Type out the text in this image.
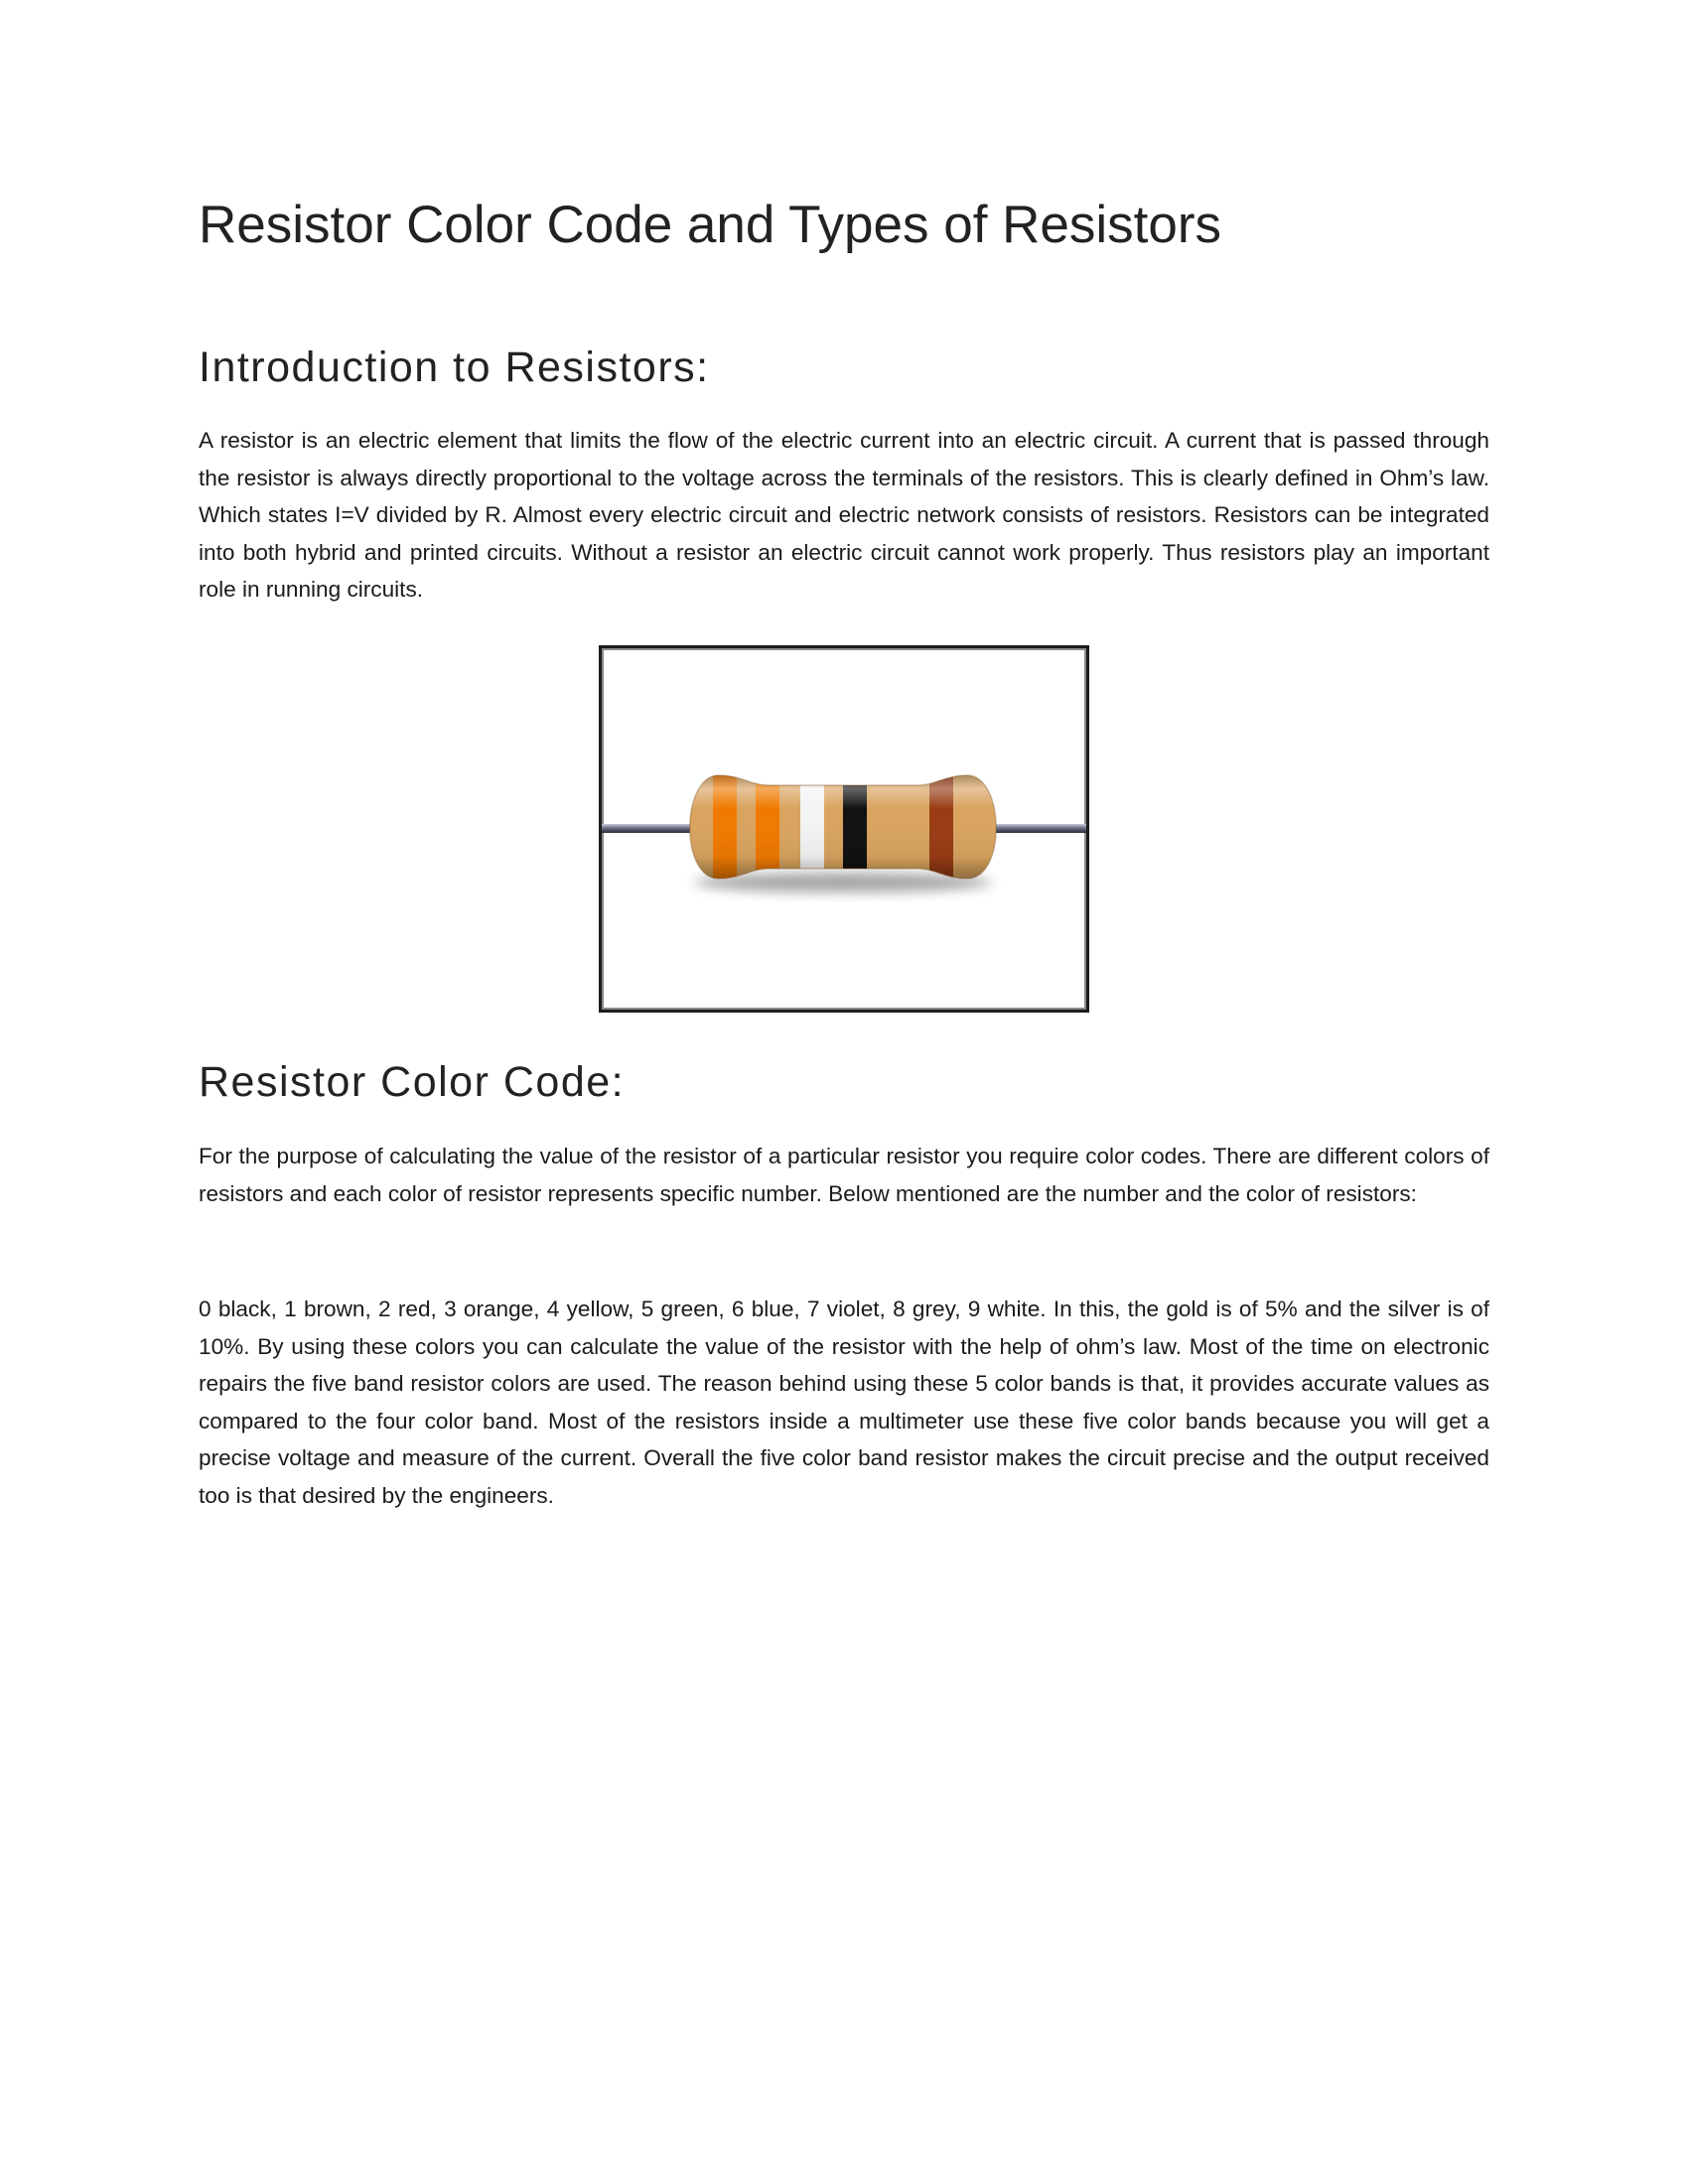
Resistor Color Code and Types of Resistors
Introduction to Resistors:

A resistor is an electric element that limits the flow of the electric current into an electric circuit. A current that is passed through the resistor is always directly proportional to the voltage across the terminals of the resistors. This is clearly defined in Ohm’s law. Which states I=V divided by R. Almost every electric circuit and electric network consists of resistors. Resistors can be integrated into both hybrid and printed circuits. Without a resistor an electric circuit cannot work properly. Thus resistors play an important role in running circuits.

Resistor Color Code:

For the purpose of calculating the value of the resistor of a particular resistor you require color codes. There are different colors of resistors and each color of resistor represents specific number. Below mentioned are the number and the color of resistors:

0 black, 1 brown, 2 red, 3 orange, 4 yellow, 5 green, 6 blue, 7 violet, 8 grey, 9 white. In this, the gold is of 5% and the silver is of 10%. By using these colors you can calculate the value of the resistor with the help of ohm’s law. Most of the time on electronic repairs the five band resistor colors are used. The reason behind using these 5 color bands is that, it provides accurate values as compared to the four color band. Most of the resistors inside a multimeter use these five color bands because you will get a precise voltage and measure of the current. Overall the five color band resistor makes the circuit precise and the output received too is that desired by the engineers.
